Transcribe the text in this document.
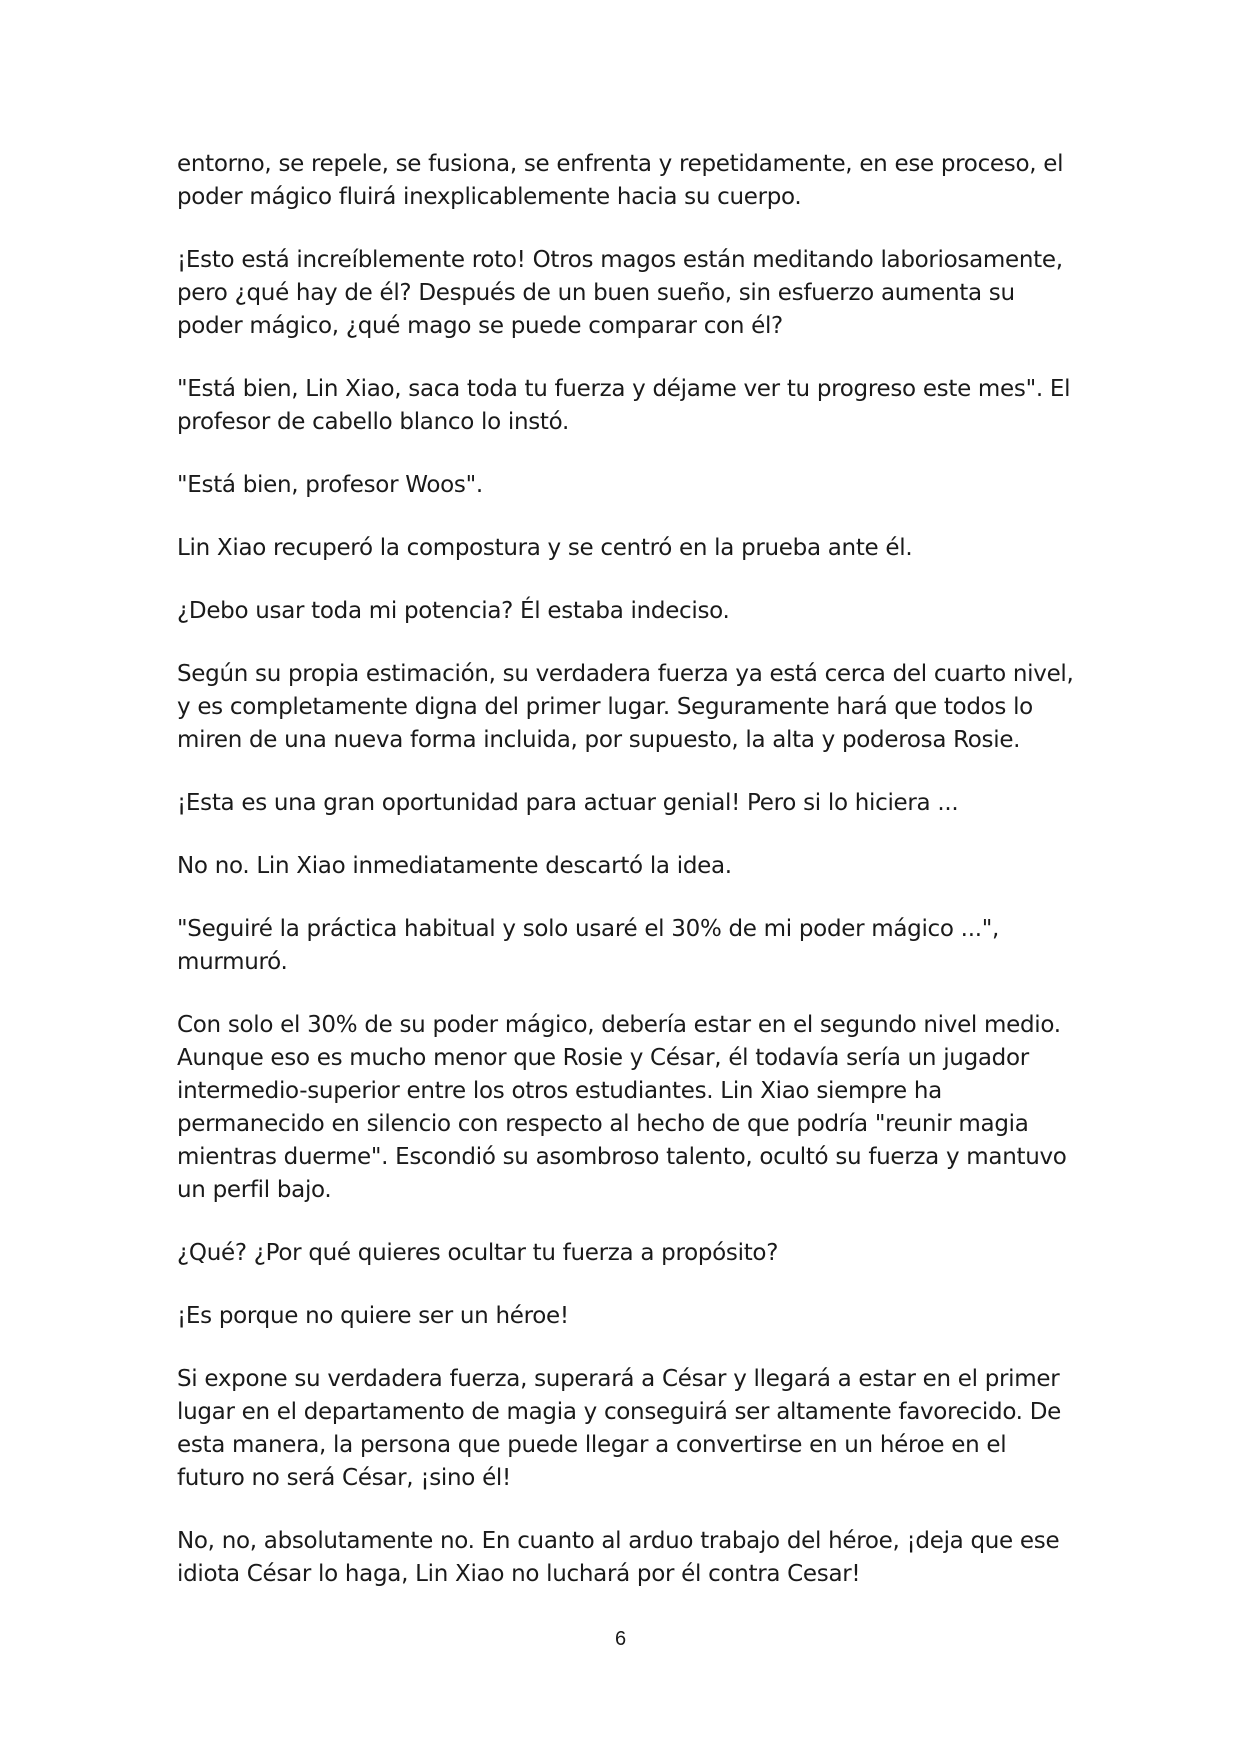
entorno, se repele, se fusiona, se enfrenta y repetidamente, en ese proceso, el poder mágico fluirá inexplicablemente hacia su cuerpo.

¡Esto está increíblemente roto! Otros magos están meditando laboriosamente, pero ¿qué hay de él? Después de un buen sueño, sin esfuerzo aumenta su poder mágico, ¿qué mago se puede comparar con él?

"Está bien, Lin Xiao, saca toda tu fuerza y déjame ver tu progreso este mes". El profesor de cabello blanco lo instó.

"Está bien, profesor Woos".

Lin Xiao recuperó la compostura y se centró en la prueba ante él.

¿Debo usar toda mi potencia? Él estaba indeciso.

Según su propia estimación, su verdadera fuerza ya está cerca del cuarto nivel, y es completamente digna del primer lugar. Seguramente hará que todos lo miren de una nueva forma incluida, por supuesto, la alta y poderosa Rosie.

¡Esta es una gran oportunidad para actuar genial! Pero si lo hiciera ...

No no. Lin Xiao inmediatamente descartó la idea.

"Seguiré la práctica habitual y solo usaré el 30% de mi poder mágico ...", murmuró.

Con solo el 30% de su poder mágico, debería estar en el segundo nivel medio. Aunque eso es mucho menor que Rosie y César, él todavía sería un jugador intermedio-superior entre los otros estudiantes. Lin Xiao siempre ha permanecido en silencio con respecto al hecho de que podría "reunir magia mientras duerme". Escondió su asombroso talento, ocultó su fuerza y mantuvo un perfil bajo.

¿Qué? ¿Por qué quieres ocultar tu fuerza a propósito?

¡Es porque no quiere ser un héroe!

Si expone su verdadera fuerza, superará a César y llegará a estar en el primer lugar en el departamento de magia y conseguirá ser altamente favorecido. De esta manera, la persona que puede llegar a convertirse en un héroe en el futuro no será César, ¡sino él!

No, no, absolutamente no. En cuanto al arduo trabajo del héroe, ¡deja que ese idiota César lo haga, Lin Xiao no luchará por él contra Cesar!

6
